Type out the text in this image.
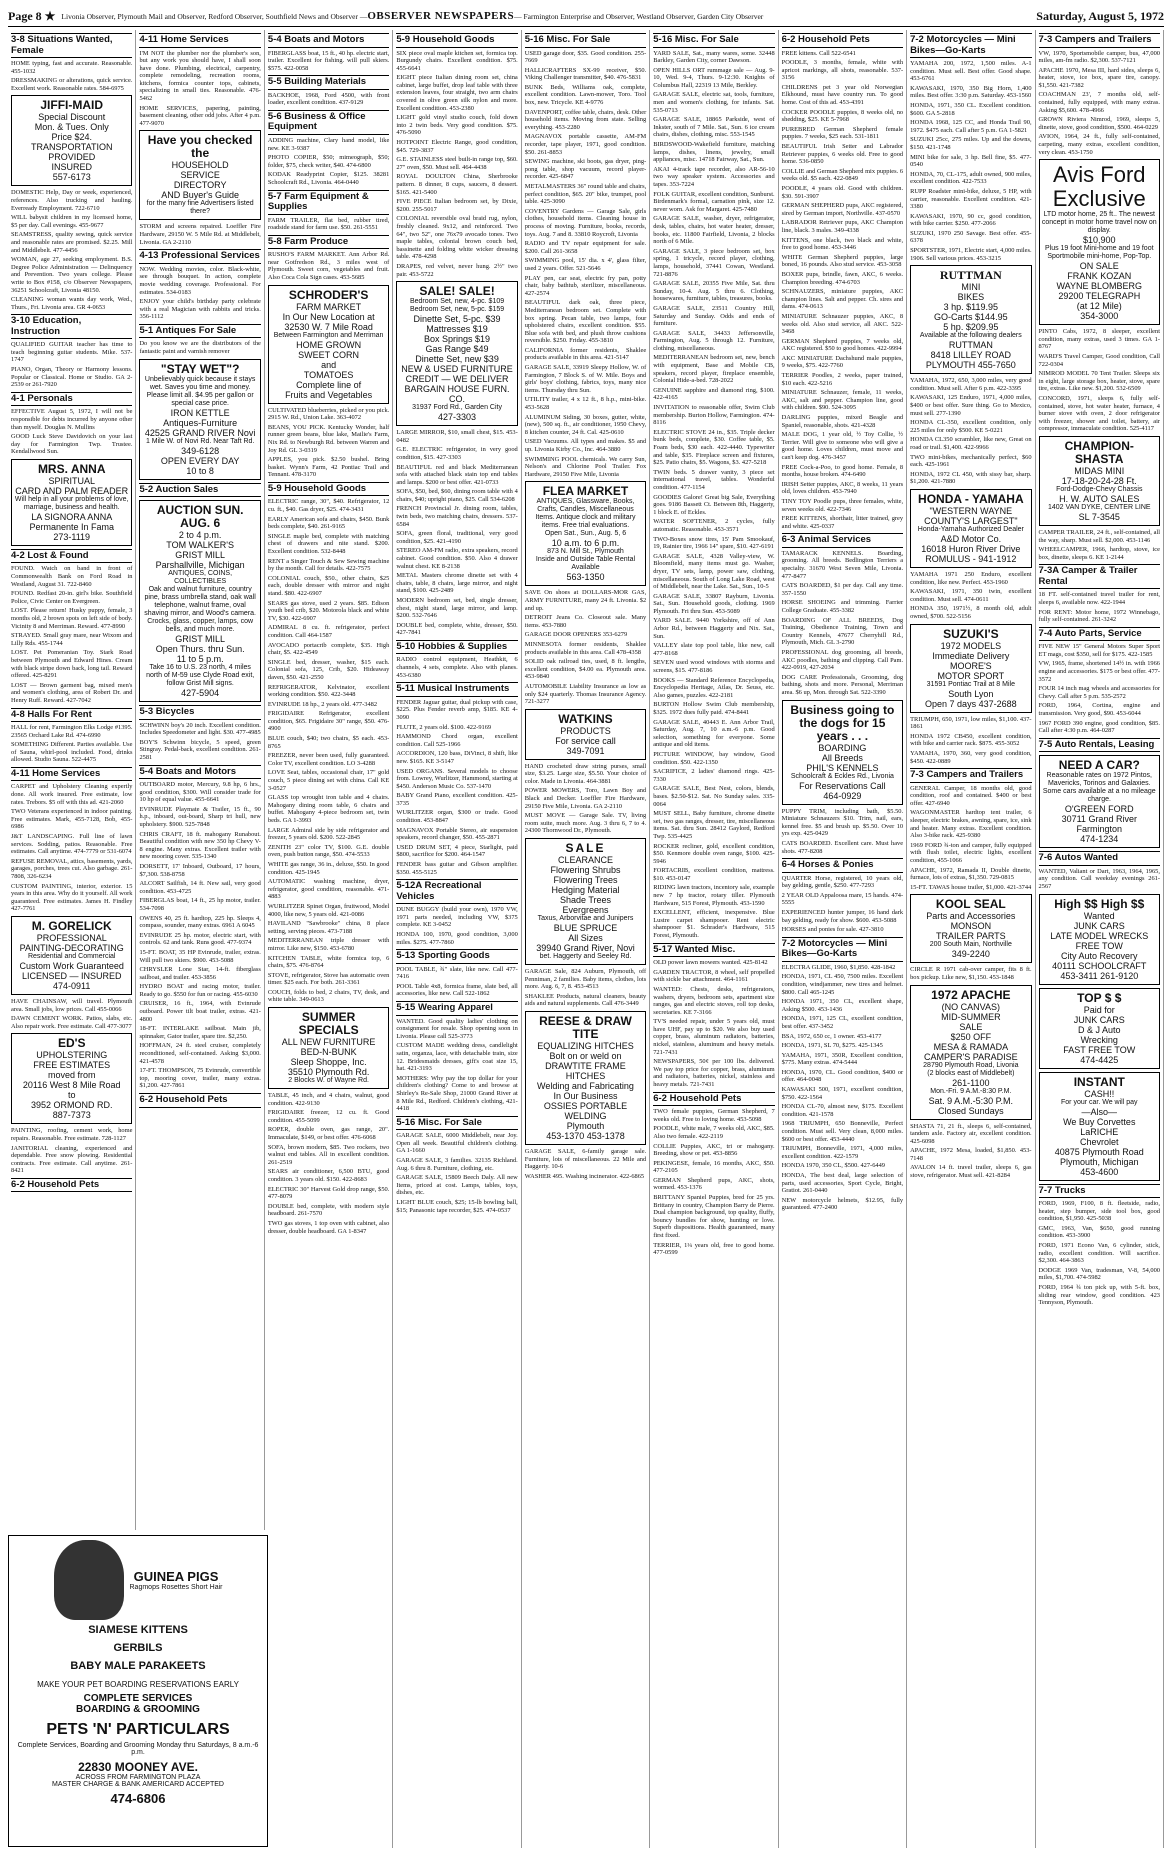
Page 8 ★ Livonia Observer, Plymouth Mail and Observer, Redford Observer, Southfield News and Observer —OBSERVER NEWSPAPERS— Farmington Enterprise and Observer, Westland Observer, Garden City Observer	Saturday, August 5, 1972
3-8 Situations Wanted, Female
HOME typing, fast and accurate. Reasonable. 455-1032
DRESSMAKING or alterations, quick service. Excellent work. Reasonable rates. 584-6975
JIFFI-MAID
Special Discount
Mon. & Tues. Only
Price $24.
TRANSPORTATION PROVIDED
INSURED
557-6173
DOMESTIC Help, Day or week, experienced, references. Also trucking and hauling. Everready Employment. 722-6710
WILL babysit children in my licensed home, $5 per day. Call evenings. 455-9677
SEAMSTRESS, quality sewing, quick service and reasonable rates are promised. $2.25. Mill and Middlebelt. 477-4456
WOMAN, age 27, seeking employment. B.S. Degree Police Administration — Delinquency and Prevention. Two years college. Please write to Box #158, c/o Observer Newspapers, 36251 Schoolcraft, Livonia 48150.
CLEANING woman wants day work, Wed., Thurs., Fri. Livonia area. GR 4-0653
3-10 Education, Instruction
QUALIFIED GUITAR teacher has time to teach beginning guitar students. Mike. 537-1747
PIANO, Organ, Theory or Harmony lessons. Popular or Classical. Home or Studio. GA 2-2539 or 261-7920
4-1 Personals
EFFECTIVE August 5, 1972, I will not be responsible for debts incurred by anyone other than myself. Douglas N. Mullins
GOOD Luck Steve Davidovich on your last day for Farmington Twp. Trustee. Kendallwood Sun.
MRS. ANNA
SPIRITUAL
CARD AND PALM READER
Will help in all your problems of love, marriage, business and health.
LA SIGNORA ANNA
Permanente In Fama
273-1119
4-2 Lost & Found
FOUND. Watch on band in front of Commonwealth Bank on Ford Road in Westland, August 31. 722-8460
FOUND. Redfast 20-in. girl's bike. Southfield Police, Civic Center on Evergreen.
LOST. Please return! Husky puppy, female, 3 months old, 2 brown spots on left side of body. Vicinity 8 and Merriman. Reward. 477-8990
STRAYED. Small gray mare, near Wixom and Lilly Rds. 455-1744
LOST. Pet Pomeranian Toy. Stark Road between Plymouth and Edward Hines. Cream with black stripe down back, long tail. Reward offered. 425-8291
LOST — Brown garment bag, mixed men's and women's clothing, area of Robert Dr. and Henry Ruff. Reward. 427-7042
4-8 Halls For Rent
HALL for rent, Farmington Elks Lodge #1395. 23565 Orchard Lake Rd. 474-6990
SOMETHING Different. Parties available. Use of Sauna, whirl-pool included. Food, drinks allowed. Studio Sauna. 522-4475
4-11 Home Services
CARPET and Upholstery Cleaning expertly done. All work insured. Free estimate, low rates. Trebors. $5 off with this ad. 421-2060
TWO Veterans experienced in indoor painting. Free estimates. Mark, 455-7128, Bob, 455-6986
J&T LANDSCAPING. Full line of lawn services. Sodding, patios. Reasonable. Free estimates. Call anytime. 474-7779 or 531-6074
REFUSE REMOVAL, attics, basements, yards, garages, porches, trees cut. Also garbage. 261-7808, 326-6234
CUSTOM PAINTING, interior, exterior. 15 years in this area. Why do it yourself. All work guaranteed. Free estimates. James H. Findley 427-7761
M. GORELICK
PROFESSIONAL
PAINTING-DECORATING
Residential and Commercial
Custom Work Guaranteed
LICENSED — INSURED
474-0911
HAVE CHAINSAW, will travel. Plymouth area. Small jobs, low prices. Call 455-0066
DAWN CEMENT WORK. Patios, slabs, etc. Also repair work. Free estimate. Call 477-3077
ED'S
UPHOLSTERING
FREE ESTIMATES
moved from
20116 West 8 Mile Road
to
3952 ORMOND RD.
887-7373
PAINTING, roofing, cement work, home repairs. Reasonable. Free estimate. 728-1127
JANITORIAL cleaning, experienced and dependable. Free snow plowing. Residential contracts. Free estimate. Call anytime. 261-8421
6-2 Household Pets
4-11 Home Services
I'M NOT the plumber nor the plumber's son, but any work you should have, I shall soon have done. Plumbing, electrical, carpentry, complete remodeling, recreation rooms, kitchens, formica counter tops, cabinets, specializing in small ties. Reasonable. 476-5462
HOME SERVICES, papering, painting, basement cleaning, other odd jobs. After 4 p.m. 477-9070
Have you checked the
HOUSEHOLD
SERVICE
DIRECTORY
AND Buyer's Guide
for the many fine Advertisers listed there?
STORM and screens repaired. Loeffler Fire Hardware, 29150 W. 5 Mile Rd. at Middlebelt, Livonia. GA 2-2110
4-13 Professional Services
NOW. Wedding movies, color. Black-white, see through bouquet. In action, complete movie wedding coverage. Professional. For estimates. 534-0183
ENJOY your child's birthday party celebrate with a real Magician with rabbits and tricks. 356-1112
5-1 Antiques For Sale
Do you know we are the distributors of the fantastic paint and varnish remover
"STAY WET"?
Unbelievably quick because it stays wet. Saves you time and money. Please limit all. $4.95 per gallon or special case price.
IRON KETTLE
Antiques-Furniture
42525 GRAND RIVER Novi
1 Mile W. of Novi Rd. Near Taft Rd.
349-6128
OPEN EVERY DAY
10 to 8
5-2 Auction Sales
AUCTION SUN. AUG. 6
2 to 4 p.m.
TOM WALKER'S
GRIST MILL
Parshallville, Michigan
ANTIQUES, COINS, COLLECTIBLES
Oak and walnut furniture, country pine, brass umbrella stand, oak wall telephone, walnut frame, oval shaving mirror, and Wood's camera. Crocks, glass, copper, lamps, cow bells, and much more.
GRIST MILL
Open Thurs. thru Sun.
11 to 5 p.m.
Take 16 to U.S. 23 north, 4 miles north of M-59 use Clyde Road exit, follow Grist Mill signs.
427-5904
5-3 Bicycles
SCHWINN boy's 20 inch. Excellent condition. Includes Speedometer and light. $30. 477-4985
BOY'S Schwinn bicycle, 5 speed, green Stingray. Pedal-back, excellent condition. 261-2581
5-4 Boats and Motors
OUTBOARD motor, Mercury, 9.8 hp, 6 hrs., good condition, $300. Will consider trade for 10 hp of equal value. 455-6641
EVINRUDE Playmate & Trailer, 15 ft., 90 h.p., inboard, out-board, Sharp tri hull, new upholstery. $900. 525-7848
CHRIS CRAFT, 18 ft. mahogany Runabout. Beautiful condition with new 350 hp Chevy V-8 engine. Many extras. Excellent trailer with new mooring cover. 535-1340
DORSETT, 17' Inboard, Outboard, 17 hours, $7,300. 538-8758
ALCORT Sailfish, 14 ft. New sail, very good condition. 453-4725
FIBERGLAS boat, 14 ft., 25 hp motor, trailer. 534-7098
OWENS 40, 25 ft. hardtop, 225 hp. Sleeps 4, compass, sounder, many extras. 6961 A 6045
EVINRUDE 25 hp. motor, electric start, with controls. 62 and tank. Runs good. 477-9374
15-FT. BOAT, 35 HP Evinrude, trailer, extras. Will pull two skiers. $900. 453-5088
CHRYSLER Lone Star, 14-ft. fiberglass sailboat, and trailer. 453-3856
HYDRO BOAT and racing motor, trailer. Ready to go. $550 for fun or racing. 455-6030
CRUISER, 16 ft., 1964, with Evinrude outboard. Power tilt boat trailer, extras. 421-4800
18-FT. INTERLAKE sailboat. Main jib, spinnaker, Gator trailer, spare tire. $2,250.
HOFFMAN, 24 ft. steel cruiser, completely reconditioned, self-contained. Asking $3,000. 421-4578
17-FT. THOMPSON, 75 Evinrude, convertible top, mooring cover, trailer, many extras. $1,200. 427-7861
6-2 Household Pets
5-4 Boats and Motors
FIBERGLASS boat, 15 ft., 40 hp. electric start, trailer. Excellent for fishing. will pull skiers. $575. 422-0058
5-5 Building Materials
BACKHOE, 1968, Ford 4500, with front loader, excellent condition. 437-9129
5-6 Business & Office Equipment
ADDING machine, Clary hand model, like new. KE 3-9387
PHOTO COPIER, $50; mimeograph, $50; folder, $75, check writer, $40. 474-6800
KODAK Readyprint Copier, $125. 38281 Schoolcraft Rd., Livonia. 464-0440
5-7 Farm Equipment & Supplies
FARM TRAILER, flat bed, rubber tired, roadside stand for farm use. $50. 261-5551
5-8 Farm Produce
RUSHO'S FARM MARKET. Ann Arbor Rd. near Gotfredson Rd., 3 miles west of Plymouth. Sweet corn, vegetables and fruit. Also Coca Cola Sign cases. 453-5685
SCHRODER'S
FARM MARKET
In Our New Location at
32530 W. 7 Mile Road
Between Farmington and Merriman
HOME GROWN
SWEET CORN
and
TOMATOES
Complete line of
Fruits and Vegetables
CULTIVATED blueberries, picked or you pick. 2915 W. Rd., Union Lake. 363-4072
BEANS, YOU PICK. Kentucky Wonder, half runner green beans, blue lake, Mailie's Farm, Nix Rd. to Newburgh Rd. between Warren and Joy Rd. GL 3-0319
APPLES, you pick. $2.50 bushel. Bring basket. Wynn's Farm, 42 Pontiac Trail and Tennant. 478-3170
5-9 Household Goods
ELECTRIC range, 30", $40. Refrigerator, 12 cu. ft., $40. Gas dryer, $25. 474-3431
EARLY American sofa and chairs, $450. Bunk beds complete, $40. 261-9165
SINGLE maple bed, complete with matching chest of drawers and nite stand. $200. Excellent condition. 532-8448
RENT a Singer Touch & Sew Sewing machine by the month. Call for details. 422-7575
COLONIAL couch, $50., other chairs, $25 each, double dresser with mirror and night stand. $80. 422-6907
SEARS gas stove, used 2 years. $85. Edison youth bed crib, $20. Motorola black and white TV, $30. 422-6907
ADMIRAL 8 cu. ft. refrigerator, perfect condition. Call 464-1587
AVOCADO portacrib complete, $35. High chair, $5. 422-4549
SINGLE bed, dresser, washer, $15 each. Colonial sofa, 125, Crib, $20. Hideaway daven, $50. 421-2550
REFRIGERATOR, Kelvinator, excellent working condition. $50. 422-3448
EVINRUDE 18 hp., 2 years old. 477-3482
FRIGIDAIRE Refrigerator, excellent condition, $65. Frigidaire 30" range, $50. 476-4900
BLUE couch, $40; two chairs, $5 each. 453-8765
FREEZER, never been used, fully guaranteed. Color TV, excellent condition. LO 3-4288
LOVE Seat, tables, occasional chair, 17" gold couch, 5 piece dining set with china. Call KE 3-0527
GLASS top wrought iron table and 4 chairs. Mahogany dining room table, 6 chairs and buffet. Mahogany 4-piece bedroom set, twin beds. GA 1-3993
LARGE Admiral side by side refrigerator and freezer, 5 years old. $200. 522-2845
ZENITH 23" color TV, $100. G.E. double oven, push button range, $50. 474-5533
WHITE gas range, 36 in., deluxe, $50. In good condition. 425-1945
AUTOMATIC washing machine, dryer, refrigerator, good condition, reasonable. 471-4883
WURLITZER Spinet Organ, fruitwood, Model 4000, like new, 5 years old. 421-0086
HAVILAND "Sawbrooke" china, 8 place setting, serving pieces. 473-7188
MEDITERRANEAN triple dresser with mirror. Like new, $150. 453-6780
KITCHEN TABLE, white formica top, 6 chairs, $75. 476-8764
STOVE, refrigerator, Stove has automatic oven timer. $25 each. For both. 261-3361
COUCH, folds to bed, 2 chairs, TV, desk, and white table. 349-0613
SUMMER SPECIALS
ALL NEW FURNITURE
BED-N-BUNK
Sleep Shoppe, Inc.
35510 Plymouth Rd.
2 Blocks W. of Wayne Rd.
TABLE, 45 inch, and 4 chairs, walnut, good condition. 422-9130
FRIGIDAIRE freezer, 12 cu. ft. Good condition. 455-5099
ROPER, double oven, gas range, 20". Immaculate, $149, or best offer. 476-6068
SOFA, brown modern, $85. Two rockers, two walnut end tables. All in excellent condition. 261-2519
SEARS air conditioner, 6,500 BTU, good condition. 3 years old. $150. 422-8683
ELECTRIC 30" Harvest Gold drop range, $50. 477-8079
DOUBLE bed, complete, with modern style headboard. 261-7570
TWO gas stoves, 1 top oven with cabinet, also dresser, double headboard. GA 1-8347
5-9 Household Goods
SIX piece oval maple kitchen set, formica top. Burgundy chairs. Excellent condition. $75. 455-6641
EIGHT piece Italian dining room set, china cabinet, large buffet, drop leaf table with three extension leaves, four straight, two arm chairs covered in olive green silk nylon and more. Excellent condition. 453-2380
LIGHT gold vinyl studio couch, fold down into 2 twin beds. Very good condition. $75. 476-5090
HOTPOINT Electric Range, good condition, $45. 729-3837
G.E. STAINLESS steel built-in range top, $60. 27" oven, $50. Must sell. 464-4438
ROYAL DOULTON China, Sherbrooke pattern. 8 dinner, 8 cups, saucers, 8 dessert. $165. 421-5400
FIVE PIECE Italian bedroom set, by Dixie, $200. 255-5017
COLONIAL reversible oval braid rug, nylon, freshly cleaned. 9x12, and reinforced. Two 64", two 52", one 76x79 avocado tones. Two maple tables, colonial brown couch bed, bassinette and folding white wicker dressing table. 478-4298
DRAPES, red velvet, never hung. 2½" two pair. 453-5722
SALE! SALE!
Bedroom Set, new, 4-pc. $109
Bedroom Set, new, 5-pc. $159
Dinette Set, 5-pc. $39
Mattresses $19
Box Springs $19
Gas Range $49
Dinette Set, new $39
NEW & USED FURNITURE
CREDIT — WE DELIVER
BARGAIN HOUSE FURN. CO.
31937 Ford Rd., Garden City
427-3303
LARGE MIRROR, $10, small chest, $15. 453-0482
G.E. ELECTRIC refrigerator, in very good condition, $15. 427-3303
BEAUTIFUL red and black Mediterranean sofa with attached black stain top end tables and lamps. $200 or best offer. 421-0733
SOFA, $50, bed, $60, dining room table with 4 chairs, $40; upright piano, $25. Call 534-6208
FRENCH Provincial Jr. dining room, tables, twin beds, two matching chairs, dressers. 537-6584
SOFA, green floral, traditional, very good condition, $25. 421-4190
STEREO AM-FM radio, extra speakers, record cabinet. Good condition. $50. Also 4 drawer walnut chest. KE 8-2138
METAL Masters chrome dinette set with 4 chairs, table, 8 chairs, large mirror, and night stand, $100. 425-2489
MODERN bedroom set, bed, single dresser, chest, night stand, large mirror, and lamp. $200. 532-7646
DOUBLE bed, complete, white, dresser, $50. 427-7841
5-10 Hobbies & Supplies
RADIO control equipment, Heathkit, 6 channels, 4 sets, complete. Also with planes. 453-6380
5-11 Musical Instruments
FENDER Jaguar guitar, dual pickup with case, $225. Plus Fender reverb amp, $185. KE 4-3090
FLUTE, 2 years old. $100. 422-9169
HAMMOND Chord organ, excellent condition. Call 525-1966
ACCORDION, 120 bass, DiVinci, 8 shift, like new. $165. KE 3-5147
USED ORGANS. Several models to choose from. Lowrey, Wurlitzer, Hammond, starting at $450. Anderson Music Co. 537-1470
BABY Grand Piano, excellent condition. 425-3735
WURLITZER organ, $300 or trade. Good condition. 453-8847
MAGNAVOX Portable Stereo, air suspension speakers, record changer, $50. 455-2871
USED DRUM SET, 4 piece, Starlight, paid $800, sacrifice for $200. 464-1547
FENDER bass guitar and Gibson amplifier. $350. 455-5125
5-12A Recreational Vehicles
DUNE BUGGY (build your own), 1970 VW, 1971 parts needed, including VW, $375 complete. KE 3-0452
HONDA 100, 1970, good condition, 3,000 miles. $275. 477-7860
5-13 Sporting Goods
POOL TABLE, ¾" slate, like new. Call 477-7416
POOL Table 4x8, formica frame, slate bed, all accessories, like new. Call 522-1862
5-15 Wearing Apparel
WANTED. Good quality ladies' clothing on consignment for resale. Shop opening soon in Livonia. Please call 525-3773
CUSTOM MADE wedding dress, candlelight satin, organza, lace, with detachable train, size 12. Bridesmaids dresses, gift's coat size 15, hat. 421-3193
MOTHERS: Why pay the top dollar for your children's clothing? Come to and browse at Shirley's Re-Sale Shop, 21000 Grand River at 8 Mile Rd., Redford. Children's clothing, 421-4418
5-16 Misc. For Sale
GARAGE SALE, 6000 Middlebelt, near Joy. Open all week. Beautiful children's clothing. GA 1-1660
GARAGE SALE, 3 families. 32135 Richland. Aug. 6 thru 8. Furniture, clothing, etc.
GARAGE SALE, 15809 Beech Daly. All new Items, priced at cost. Lamps, tables, toys, dishes, etc.
LIGHT BLUE couch, $25; 15-lb bowling ball, $15; Panasonic tape recorder, $25. 474-0537
5-16 Misc. For Sale
USED garage door, $35. Good condition. 255-7669
HALLICRAFTERS SX-99 receiver, $50. Viking Challenger transmitter, $40. 476-5831
BUNK Beds, Williams oak, complete, excellent condition. Lawn-mower, Toro. Tool box, new. Tricycle. KE 4-9776
DAVENPORT, coffee table, chairs, desk. Other household items. Moving from state. Selling everything. 453-2280
MAGNAVOX portable cassette, AM-FM recorder, tape player, 1971, good condition. $50. 261-8853
SEWING machine, ski boots, gas dryer, ping-pong table, shop vacuum, record player-recorder. 425-6847
METALMASTERS 36" round table and chairs, perfect condition, $65. 20" bike, trumpet, pool table. 425-3090
COVENTRY Gardens — Garage Sale, girls clothes, household items. Cleaning house in process of moving. Furniture, books, records, toys. Aug. 7 and 8. 33810 Roycroft, Livonia
RADIO and TV repair equipment for sale. $200. Call 261-3658
SWIMMING pool, 15' dia. x 4', glass filter, used 2 years. Offer. 521-5646
PLAY pen, car seat, electric fry pan, potty chair, baby bathtub, sterilizer, miscellaneous. 427-2574
BEAUTIFUL dark oak, three piece, Mediterranean bedroom set. Complete with box spring. Pecan table, two lamps, four upholstered chairs, excellent condition. $55. Blue sofa with bed, and plush throw cushions reversible. $250. Friday. 455-3810
CALIFORNIA former residents, Shaklee products available in this area. 421-5147
GARAGE SALE, 33919 Sleepy Hollow, W. of Farmington, 7 Block S. of W. Mile. Boys and girls' boys' clothing, fabrics, toys, many nice items. Thursday thru Sun.
UTILITY trailer, 4 x 12 ft., 8 h.p., mini-bike. 453-5628
ALUMINUM Siding, 30 boxes, gutter, white, (new), 500 sq. ft., air conditioner, 1950 Chevy, 8 kitchen counter, 24 ft. Cal. 425-0610
USED Vacuums. All types and makes. $5 and up. Livonia Kirby Co., Inc. 464-3880
SWIMMING POOL chemicals. We carry Sun, Nelson's and Chlorine Pool Trailer. Fox Hardware, 29150 Five Mile, Livonia
FLEA MARKET
ANTIQUES, Glassware, Books, Crafts, Candles, Miscellaneous Items. Antique clock and military items. Free trial evaluations.
Open Sat., Sun., Aug. 5, 6
10 a.m. to 6 p.m.
873 N. Mill St., Plymouth
Inside and Outside Table Rental Available
563-1350
SAVE On shoes at DOLLARS-MOR GAS, ARMY FURNITURE, many 24 ft. Livonia. $2 and up.
DETROIT Jeans Co. Closeout sale. Many items. 453-7880
GARAGE DOOR OPENERS 353-6279
MINNESOTA former residents, Shaklee products available in this area. Call 478-4358
SOLID oak railroad ties, used, 8 ft. lengths, excellent condition, $4.00 ea. Plymouth area. 453-9840
AUTOMOBILE Liability Insurance as low as only $24 quarterly. Thomas Insurance Agency. 721-3277
WATKINS
PRODUCTS
For service call
349-7091
HAND crocheted draw string purses, small size, $3.25. Large size, $5.50. Your choice of color. Made in Livonia. 464-3881
POWER MOWERS, Toro, Lawn Boy and Black and Decker. Loeffler Fire Hardware, 29150 Five Mile, Livonia. GA 2-2110
MUST MOVE — Garage Sale. TV, living room suite, much more. Aug. 3 thru 6, 7 to 4. 24300 Thornwood Dr., Plymouth.
SALE
CLEARANCE
Flowering Shrubs
Flowering Trees
Hedging Material
Shade Trees
Evergreens
Taxus, Arborvitae and Junipers
BLUE SPRUCE
All Sizes
39940 Grand River, Novi
bet. Haggerty and Seeley Rd.
GARAGE Sale, 824 Auburn, Plymouth, off Penniman, 2 families. Baby items, clothes, lots more. Aug. 6, 7, 8. 453-4513
SHAKLEE Products, natural cleaners, beauty aids and natural supplements. Call 476-3449
REESE & DRAW TITE
EQUALIZING HITCHES
Bolt on or weld on
DRAWTITE FRAME HITCHES
Welding and Fabricating
In Our Business
OSSIES PORTABLE WELDING
Plymouth
453-1370 453-1378
GARAGE SALE, 6-family garage sale. Furniture, lots of miscellaneous. 22 Mile and Haggerty. 10-6
WASHER 495. Washing incinerator. 422-6865
5-16 Misc. For Sale
YARD SALE, Sat., many wares, some. 32448 Barkley, Garden City, corner Dawson.
OPEN HILLS ORT rummage sale — Aug. 9-10, Wed. 9-4, Thurs. 9-12:30. Knights of Columbus Hall, 22319 13 Mile, Berkley.
GARAGE SALE, electric sat, tools, furniture, men and women's clothing, for infants. Sat. 535-0713
GARAGE SALE, 18865 Parkside, west of Inkster, south of 7 Mile. Sat., Sun. 6 ice cream chairs, dishes, clothing, misc. 553-1545
BIRDSWOOD-Wakefield furniture, matching lamps, dishes, linens, jewelry, small appliances, misc. 14718 Fairway, Sat., Sun.
AKAI 4-track tape recorder, also AR-56-10 two way speaker system. Accessories and tapes. 353-7224
FOLK GUITAR, excellent condition, Sunburst. Birdenmark's formal, carnation pink, size 12. never worn. Ask for Margaret. 425-7480
GARAGE SALE, washer, dryer, refrigerator, desk, tables, chairs, hot water heater, dresser, books, etc. 11800 Fairfield, Livonia, 2 blocks north of 6 Mile.
GARAGE SALE, 3 piece bedroom set, box spring, 1 tricycle, record player, clothing, lamps, household, 37441 Cowan, Westland. 721-8876
GARAGE SALE, 20355 Five Mile, Sat. thru Sunday, 10-4. Aug. 5 thru 6. Clothing, housewares, furniture, tables, treasures, books.
GARAGE SALE, 23511 Country Hill, Saturday and Sunday. Odds and ends of furniture.
GARAGE SALE, 34433 Jeffersonville, Farmington, Aug. 5 through 12. Furniture, clothing, miscellaneous.
MEDITERRANEAN bedroom set, new, bench with equipment, Base and Mobile CB, speakers, record player, fireplace ensemble, Colonial Hide-a-bed. 728-2022
GENUINE sapphire and diamond ring, $100. 422-4165
INVITATION to reasonable offer, Swim Club membership. Burton Hollow, Farmington. 474-8116
ELECTRIC STOVE 24 in., $35. Triple decker bunk beds, complete, $30. Coffee table, $5. Foam beds, $30 each. 422-4440. Typewriter and table, $35. Fireplace screen and fixtures, $25. Patio chairs, $5. Wagons, $3. 427-5218
TWIN beds. 5 drawer vanity, 3 piece set international travel, tables. Wonderful condition. 477-1154
GOODIES Galore! Great big Sale, Everything goes. 9186 Bassett Ct. Between 8th, Haggerty, 1 block E. of Eckles.
WATER SOFTENER, 2 cycles, fully automatic. Reasonable. 453-3571
TWO-Boxes snow tires, 15' Pam Smookauf, 19, Rainier tire, 1966 14" spare, $10. 427-6191
GARAGE SALE, 4328 Valley-view, W. Bloomfield, many items must go. Washer, dryer, TV sets, lamp, power saw, clothing, miscellaneous. South of Long Lake Road, west of Middlebelt, near the Lake. Sat., Sun., 10-5
GARAGE SALE, 33807 Rayburn, Livonia. Sat., Sun. Household goods, clothing. 1969 Plymouth. Fri thru Sun. 453-5089
YARD SALE. 9440 Yorkshire, off of Ann Arbor Rd., between Haggerty and Nix. Sat., Sun.
VALLEY slate top pool table, like new, call 477-8168
SEVEN used wood windows with storms and screens, $15. 477-8186
BOOKS — Standard Reference Encyclopedia, Encyclopedia Heritage, Atlas, Dr. Seuss, etc. Also games, puzzles. 422-2181
BURTON Hollow Swim Club membership, $325. 1972 dues fully paid. 474-8441
GARAGE SALE, 40443 E. Ann Arbor Trail, Saturday, Aug. 7, 10 a.m.-6 p.m. Good selection, something for everyone. Some antique and old items.
PICTURE WINDOW, bay window, Good condition. $50. 422-1350
SACRIFICE, 2 ladies' diamond rings. 425-7330
GARAGE SALE, Best Nest, colors, blends, bases. $2.50-$12. Sat. No Sunday sales. 335-0064
MUST SELL, Baby furniture, chrome dinette set, two gas ranges, dresser, tire, miscellaneous items. Sat. thru Sun. 28412 Gaylord, Redford Twp. 535-4425
ROCKER recliner, gold, excellent condition, $50. Kenmore double oven range, $100. 425-5946
FORTACRIB, excellent condition, mattress. $10. 453-0147
RIDING lawn tractors, incentory sale, example new 7 hp tractor, rotary tiller. Plymouth Hardware, 515 Forest, Plymouth. 453-1590
EXCELLENT, efficient, inexpensive. Blue Lustre carpet shampooer. Rent electric shampooer $1. Schrader's Hardware, 515 Forest, Plymouth.
5-17 Wanted Misc.
OLD power lawn mowers wanted. 425-8142
GARDEN TRACTOR, 8 wheel, self propelled with sickle bar attachment. 464-1161
WANTED: Chests, desks, refrigerators, washers, dryers, bedroom sets, apartment size ranges, gas and electric stoves, roll top desks, secretaries. KE 7-3166
TV'S needed repair, under 5 years old, must have UHF, pay up to $20. We also buy used copper, brass, aluminum radiators, batteries, nickel, stainless, aluminum and heavy metals. 721-7431
NEWSPAPERS, 50¢ per 100 lbs. delivered. We pay top price for copper, brass, aluminum and radiators, batteries, nickel, stainless and heavy metals. 721-7431
6-2 Household Pets
TWO female puppies, German Shepherd, 7 weeks old. Free to loving home. 453-5098
POODLE, white male, 7 weeks old, AKC, $85. Also two female. 422-2119
COLLIE Puppies, AKC, tri or mahogany. Breeding, show or pet. 453-8856
PEKINGESE, female, 16 months, AKC, $50. 477-2105
GERMAN Shepherd pups, AKC, shots, wormed. 453-1376
BRITTANY Spaniel Puppies, bred for 25 yrs. Brittany in country, Champion Barry de Pierre. Dual champion background, top quality, fluffy, bouncy bundles for show, hunting or love. Superb dispositions. Health guaranteed, many first fixed.
TERRIER, 1¼ years old, free to good home. 477-0599
6-2 Household Pets
FREE kittens. Call 522-6541
POODLE, 3 months, female, white with apricot markings, all shots, reasonable. 537-3156
CHILDRENS pet 3 year old Norwegian Elkhound, must have country run. To good home. Cost of this ad. 453-4391
COCKER POODLE puppies, 8 weeks old, no shedding, $25. KE 5-7968
PUREBRED German Shepherd female puppies. 7 weeks, $25 each. 531-1811
BEAUTIFUL Irish Setter and Labrador Retriever puppies, 6 weeks old. Free to good home. 536-0850
COLLIE and German Shepherd mix puppies. 6 weeks old. $5 each. 422-0849
POODLE, 4 years old. Good with children. $30. 591-3907
GERMAN SHEPHERD pups, AKC registered, sired by German import, Northville. 437-0570
LABRADOR Retriever pups, AKC Champion line, black. 3 males. 349-4338
KITTENS, one black, two black and white, free to good home. 453-3446
WHITE German Shepherd puppies, large boned, 16 pounds. Also stud service. 453-3058
BOXER pups, brindle, fawn, AKC, 6 weeks. Champion breeding. 474-6703
SCHNAUZERS, miniature puppies, AKC champion lines. Salt and pepper. Ch. sires and dams. 474-0613
MINIATURE Schnauzer puppies, AKC, 8 weeks old. Also stud service, all AKC. 522-3468
GERMAN Shepherd puppies, 7 weeks old, AKC registered. $50 to good homes. 422-9994
AKC MINIATURE Dachshund male puppies, 9 weeks, $75. 422-7760
TERRIER Poodles, 2 weeks, paper trained, $10 each. 422-5216
MINIATURE Schnauzer, female, 11 weeks, AKC, salt and pepper. Champion line, good with children. $90. 524-3095
DARLING puppies, mixed Beagle and Spaniel, reasonable, shots. 421-4328
MALE DOG, 1 year old, ½ Toy Collie, ½ Terrier. Will give to someone who will give a good home. Loves children, must move and can't keep dog. 476-3457
FREE Cock-a-Poo, to good home. Female, 8 months, house broken. 474-6490
IRISH Setter puppies, AKC, 8 weeks, 11 years old, loves children. 453-7940
TINY TOY Poodle pups, three females, white, seven weeks old. 422-7346
FREE KITTENS, shorthair, litter trained, grey and white. 425-0337
6-3 Animal Services
TAMARACK KENNELS. Boarding, grooming. All breeds. Bedlington Terriers a specialty. 31670 West Seven Mile, Livonia. 477-8477
CATS BOARDED, $1 per day. Call any time. 357-1550
HORSE SHOEING and trimming. Farrier College Graduate. 455-3382
BOARDING OF ALL BREEDS, Dog Training, Obedience Training, Town and Country Kennels, 47677 Cherryhill Rd., Plymouth, Mich. GL 3-2790
PROFESSIONAL dog grooming, all breeds, AKC poodles, bathing and clipping. Call Pam. 422-0919, 427-2034
DOG CARE Professionals, Grooming, dog bathing, shots and more. Personal, Merriman area. $6 up, Mon. through Sat. 522-3390
Business going to the dogs for 15 years . . .
BOARDING
All Breeds
PHIL'S KENNELS
Schoolcraft & Eckles Rd., Livonia
For Reservations Call
464-0929
PUPPY TRIM, including bath, $5.50. Miniature Schnauzers $10. Trim, nail, ears, kennel free. $5 and brush up. $5.50. Over 10 yrs exp. 425-0429
CATS BOARDED. Excellent care. Must have shots. 477-8208
6-4 Horses & Ponies
QUARTER Horse, registered, 10 years old, bay gelding, gentle, $250. 477-7293
2 YEAR OLD Appaloosa mare, 15 hands. 474-5555
EXPERIENCED hunter jumper, 16 hand dark bay gelding, ready for show. $600. 453-5088
HORSES and ponies for sale. 427-3810
7-2 Motorcycles — Mini Bikes—Go-Karts
ELECTRA GLIDE, 1960, $1,850. 428-1842
HONDA, 1971, CL 450, 7500 miles. Excellent condition, windjammer, new tires and helmet. $800. Call 465-1245
HONDA 1971, 350 CL, excellent shape, Asking $500. 453-1436
HONDA, 1971, 125 CL, excellent condition, best offer. 437-3452
BSA, 1972, 650 cc, 1 owner. 453-4177
HONDA, 1971, SL 70, $275. 425-1345
YAMAHA, 1971, 350R, Excellent condition, $775. Many extras. 474-5444
HONDA, 1970, CL. Good condition, $400 or offer. 464-0048
KAWASAKI 500, 1971, excellent condition, $750. 422-1564
HONDA CL-70, almost new, $175. Excellent condition. 421-1578
1968 TRIUMPH, 650 Bonneville, Perfect condition. Must sell. Very clean, 8,000 miles. $600 or best offer. 453-4440
TRIUMPH, Bonneville, 1971, 4,000 miles, excellent condition. 422-1579
HONDA 1970, 350 CL, $500. 427-6449
HONDA, The best deal, large selection of parts, used accessories, Sport Cycle, Bright, Gratiot. 261-0440
NEW motorcycle helmets, $12.95, fully guaranteed. 477-2400
7-2 Motorcycles — Mini Bikes—Go-Karts
YAMAHA 200, 1972, 1,500 miles. A-1 condition. Must sell. Best offer. Good shape. 453-6761
KAWASAKI, 1970, 350 Big Horn, 1,400 miles. Best offer. 3:30 p.m. Saturday. 453-1560
HONDA, 1971, 350 CL. Excellent condition. $600. GA 5-2818
HONDA 1968, 125 CC, and Honda Trail 90, 1972. $475 each. Call after 5 p.m. GA 1-5821
SUZUKI 25cc, 275 miles. Up and the downs, $150. 421-1748
MINI bike for sale, 3 hp. Bell fine, $5. 477-0540
HONDA, 70, CL-175, adult owned, 900 miles, excellent condition. 422-7533
RUPP Roadster mini-bike, deluxe, 5 HP, with carrier, reasonable. Excellent condition. 421-3380
KAWASAKI, 1970, 90 cc, good condition, with bike carrier. $250. 477-2066
SUZUKI, 1970 250 Savage. Best offer. 455-6378
SPORTSTER, 1971, Electric start, 4,000 miles. 1906. Sell various prices. 453-3215
RUTTMAN
MINI
BIKES
3 hp. $119.95
GO-Carts $144.95
5 hp. $209.95
Available at the following dealers
RUTTMAN
8418 LILLEY ROAD
PLYMOUTH 455-7650
YAMAHA, 1972, 650, 3,000 miles, very good condition. Must sell. After 6 p.m. 422-3395
KAWASAKI, 125 Enduro, 1971, 4,000 miles, $400 or best offer. Sure thing. Go to Mexico, must sell. 277-1390
HONDA CL-350, excellent condition, only 225 miles for only $500. KE 5-0221
HONDA CL350 scrambler, like new, Great on road or trail. $1,400. 422-9966
TWO mini-bikes, mechanically perfect, $60 each. 425-1961
HONDA, 1972 CL 450, with sissy bar, sharp. $1,200. 421-7880
HONDA - YAMAHA
"WESTERN WAYNE
COUNTY'S LARGEST"
Honda-Yamaha Authorized Dealer
A&D Motor Co.
16018 Huron River Drive
ROMULUS - 941-1912
YAMAHA 1971 250 Enduro, excellent condition, like new. Perfect. 453-1960
KAWASAKI, 1971, 350 twin, excellent condition. Must sell. 474-0611
HONDA 350, 1971½, 8 month old, adult owned, $700. 522-5156
SUZUKI'S
1972 MODELS
Immediate Delivery
MOORE'S
MOTOR SPORT
31591 Pontiac Trail at 8 Mile
South Lyon
Open 7 days 437-2688
TRIUMPH, 650, 1971, low miles, $1,100. 437-1861
HONDA 1972 CB450, excellent condition, with bike and carrier rack. $875. 455-3052
YAMAHA, 1970, 360, very good condition, $450. 422-0889
7-3 Campers and Trailers
GENERAL Camper, 18 months old, good condition, roof and contained. $400 or best offer. 427-6940
WAGONMASTER hardtop tent trailer, 6 sleeper, electric brakes, awning, spare, ice, sink and heater. Many extras. Excellent condition. Also 3-bike rack. 425-9380
1969 FORD ¾-ton and camper, fully equipped with flush toilet, electric lights, excellent condition, 455-1066
APACHE, 1972, Ramada II, Double dinette, furnace, lots of extras, $1,350. 729-0815
15-FT. TAWAS house trailer, $1,000. 421-3744
KOOL SEAL
Parts and Accessories
MONSON
TRAILER PARTS
200 South Main, Northville
349-2240
CIRCLE R 1971 cab-over camper, fits 8 ft. box pickup. Like new, $1,150. 453-1848
1972 APACHE
(NO CANVAS)
MID-SUMMER
SALE
$250 OFF
MESA & RAMADA
CAMPER'S PARADISE
28790 Plymouth Road, Livonia
(2 blocks east of Middlebelt)
261-1100
Mon.-Fri. 9 A.M.-8:30 P.M.
Sat. 9 A.M.-5:30 P.M.
Closed Sundays
SHASTA 71, 21 ft., sleeps 6, self-contained, tandem axle. Factory air, excellent condition. 425-6098
APACHE, 1972 Mesa, loaded, $1,850. 453-7148
AVALON 14 ft. travel trailer, sleeps 6, gas stove, refrigerator. Must sell. 421-8284
7-3 Campers and Trailers
VW, 1970, Sportsmobile camper, bus, 47,000 miles, am-fm radio. $2,300. 537-7121
APACHE 1970, Mesa III, hard sides, sleeps 6, heater, stove, ice box, spare tire, canopy. $1,550. 421-7382
COACHMAN 23', 7 months old, self-contained, fully equipped, with many extras. Asking $5,600. 478-4966
GROWN Riviera Nimrod, 1969, sleeps 5, dinette, stove, good condition, $500. 464-0229
AVION, 1964, 24 ft., fully self-contained, carpeting, many extras, excellent condition, very clean. 453-1750
Avis Ford
Exclusive
LTD motor home, 25 ft.. The newest concept in motor home travel now on display.
$10,900
Plus 19 foot Mini-home and 19 foot Sportmobile mini-home, Pop-Top.
ON SALE
FRANK KOZAN
WAYNE BLOMBERG
29200 TELEGRAPH
(at 12 Mile)
354-3000
PINTO Cabs, 1972, 8 sleeper, excellent condition, many extras, used 3 times. GA 1-8767
WARD'S Travel Camper, Good condition, Call 722-0304
NIMROD MODEL 70 Tent Trailer. Sleeps six in eight, large storage box, heater, stove, spare tire, extras. Like new. $1,200. 532-6509
CONCORD, 1971, sleeps 6, fully self-contained, stove, hot water heater, furnace, 4 burner stove with oven, 2 door refrigerator with freezer, shower and toilet, battery, air compressor, immaculate condition. 525-4117
CHAMPION-SHASTA
MIDAS MINI
17-18-20-24-28 Ft.
Ford-Dodge-Chevy Chassis
H. W. AUTO SALES
1402 VAN DYKE, CENTER LINE
SL 7-3545
CAMPER TRAILER, 24 ft., self-contained, all the way, sharp. Must sell. $2,000. 453-1146
WHEELCAMPER, 1966, hardtop, stove, ice box, dinette, sleeps 6. KE 1-2144
7-3A Camper & Trailer Rental
18 FT. self-contained travel trailer for rent, sleeps 6, available now. 422-1944
FOR RENT: Motor home, 1972 Winnebago, fully self-contained. 261-3242
7-4 Auto Parts, Service
FIVE NEW 15" General Motors Super Sport ET mags, cost $350, sell for $175. 422-1585
VW, 1965, frame, shortened 14½ in. with 1966 engine and accessories. $175 or best offer. 477-3572
FOUR 14 inch mag wheels and accessories for Chevy. Call after 5 p.m. 535-2572
FORD, 1964, Cortina, engine and transmission. Very good, $90. 453-6044
1967 FORD 390 engine, good condition, $85. Call after 4:30 p.m. 464-0287
7-5 Auto Rentals, Leasing
NEED A CAR?
Reasonable rates on 1972 Pintos, Mavericks, Torinos and Galaxies.
Some cars available at a no mileage charge.
O'GREEN FORD
30711 Grand River
Farmington
474-1234
7-6 Autos Wanted
WANTED, Valiant or Dart, 1963, 1964, 1965, any condition. Call weekday evenings 261-2567
High $$ High $$
Wanted
JUNK CARS
LATE MODEL WRECKS
FREE TOW
City Auto Recovery
40111 SCHOOLCRAFT
453-3411 261-9120
TOP $ $
Paid for
JUNK CARS
D & J Auto
Wrecking
FAST FREE TOW
474-4425
INSTANT
CASH!!
For your car. We will pay
—Also—
We Buy Corvettes
LaRICHE
Chevrolet
40875 Plymouth Road
Plymouth, Michigan
453-4600
7-7 Trucks
FORD, 1969, F100, 8 ft. fleetside, radio, heater, step bumper, side tool box, good condition, $1,950. 425-5038
GMC, 1963, Van, $650, good running condition. 453-3900
FORD, 1971 Econo Van, 6 cylinder, stick, radio, excellent condition. Will sacrifice. $2,300. 464-3863
DODGE 1969 Van, tradesman, V-8, 54,000 miles, $1,700. 474-5982
FORD, 1964 ¾ ton pick up, with 5-ft. box, sliding rear window, good condition. 423 Tennyson, Plymouth.
GUINEA PIGS
Ragmops Rosettes Short Hair
SIAMESE KITTENS
GERBILS
BABY MALE PARAKEETS
MAKE YOUR PET BOARDING RESERVATIONS EARLY
COMPLETE SERVICES
BOARDING & GROOMING
PETS 'N' PARTICULARS
Complete Services, Boarding and Grooming Monday thru Saturdays, 8 a.m.-6 p.m.
22830 MOONEY AVE.
ACROSS FROM FARMINGTON PLAZA
MASTER CHARGE & BANK AMERICARD ACCEPTED
474-6806
